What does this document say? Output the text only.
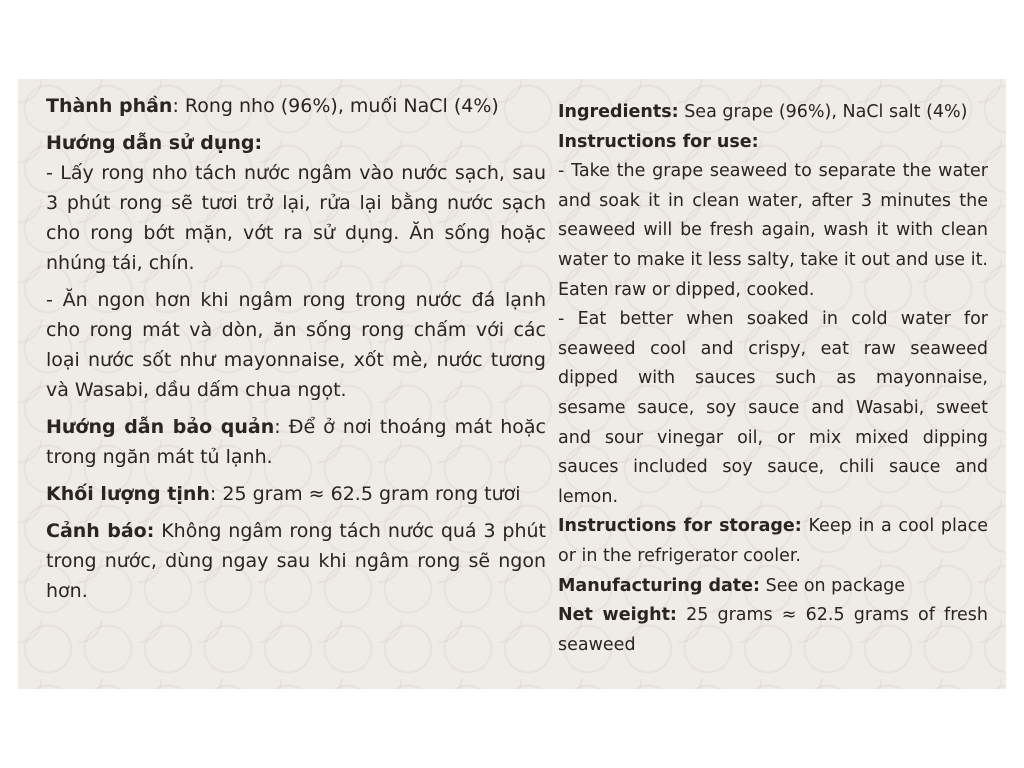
Thành phần: Rong nho (96%), muối NaCl (4%)

Hướng dẫn sử dụng:

- Lấy rong nho tách nước ngâm vào nước sạch, sau 3 phút rong sẽ tươi trở lại, rửa lại bằng nước sạch cho rong bớt mặn, vớt ra sử dụng. Ăn sống hoặc nhúng tái, chín.

- Ăn ngon hơn khi ngâm rong trong nước đá lạnh cho rong mát và dòn, ăn sống rong chấm với các loại nước sốt như mayonnaise, xốt mè, nước tương và Wasabi, dầu dấm chua ngọt.

Hướng dẫn bảo quản: Để ở nơi thoáng mát hoặc trong ngăn mát tủ lạnh.

Khối lượng tịnh: 25 gram ≈ 62.5 gram rong tươi

Cảnh báo: Không ngâm rong tách nước quá 3 phút trong nước, dùng ngay sau khi ngâm rong sẽ ngon hơn.

Ingredients: Sea grape (96%), NaCl salt (4%)

Instructions for use:

- Take the grape seaweed to separate the water and soak it in clean water, after 3 minutes the seaweed will be fresh again, wash it with clean water to make it less salty, take it out and use it. Eaten raw or dipped, cooked.

- Eat better when soaked in cold water for seaweed cool and crispy, eat raw seaweed dipped with sauces such as mayonnaise, sesame sauce, soy sauce and Wasabi, sweet and sour vinegar oil, or mix mixed dipping sauces included soy sauce, chili sauce and lemon.

Instructions for storage: Keep in a cool place or in the refrigerator cooler.

Manufacturing date: See on package

Net weight: 25 grams ≈ 62.5 grams of fresh seaweed
